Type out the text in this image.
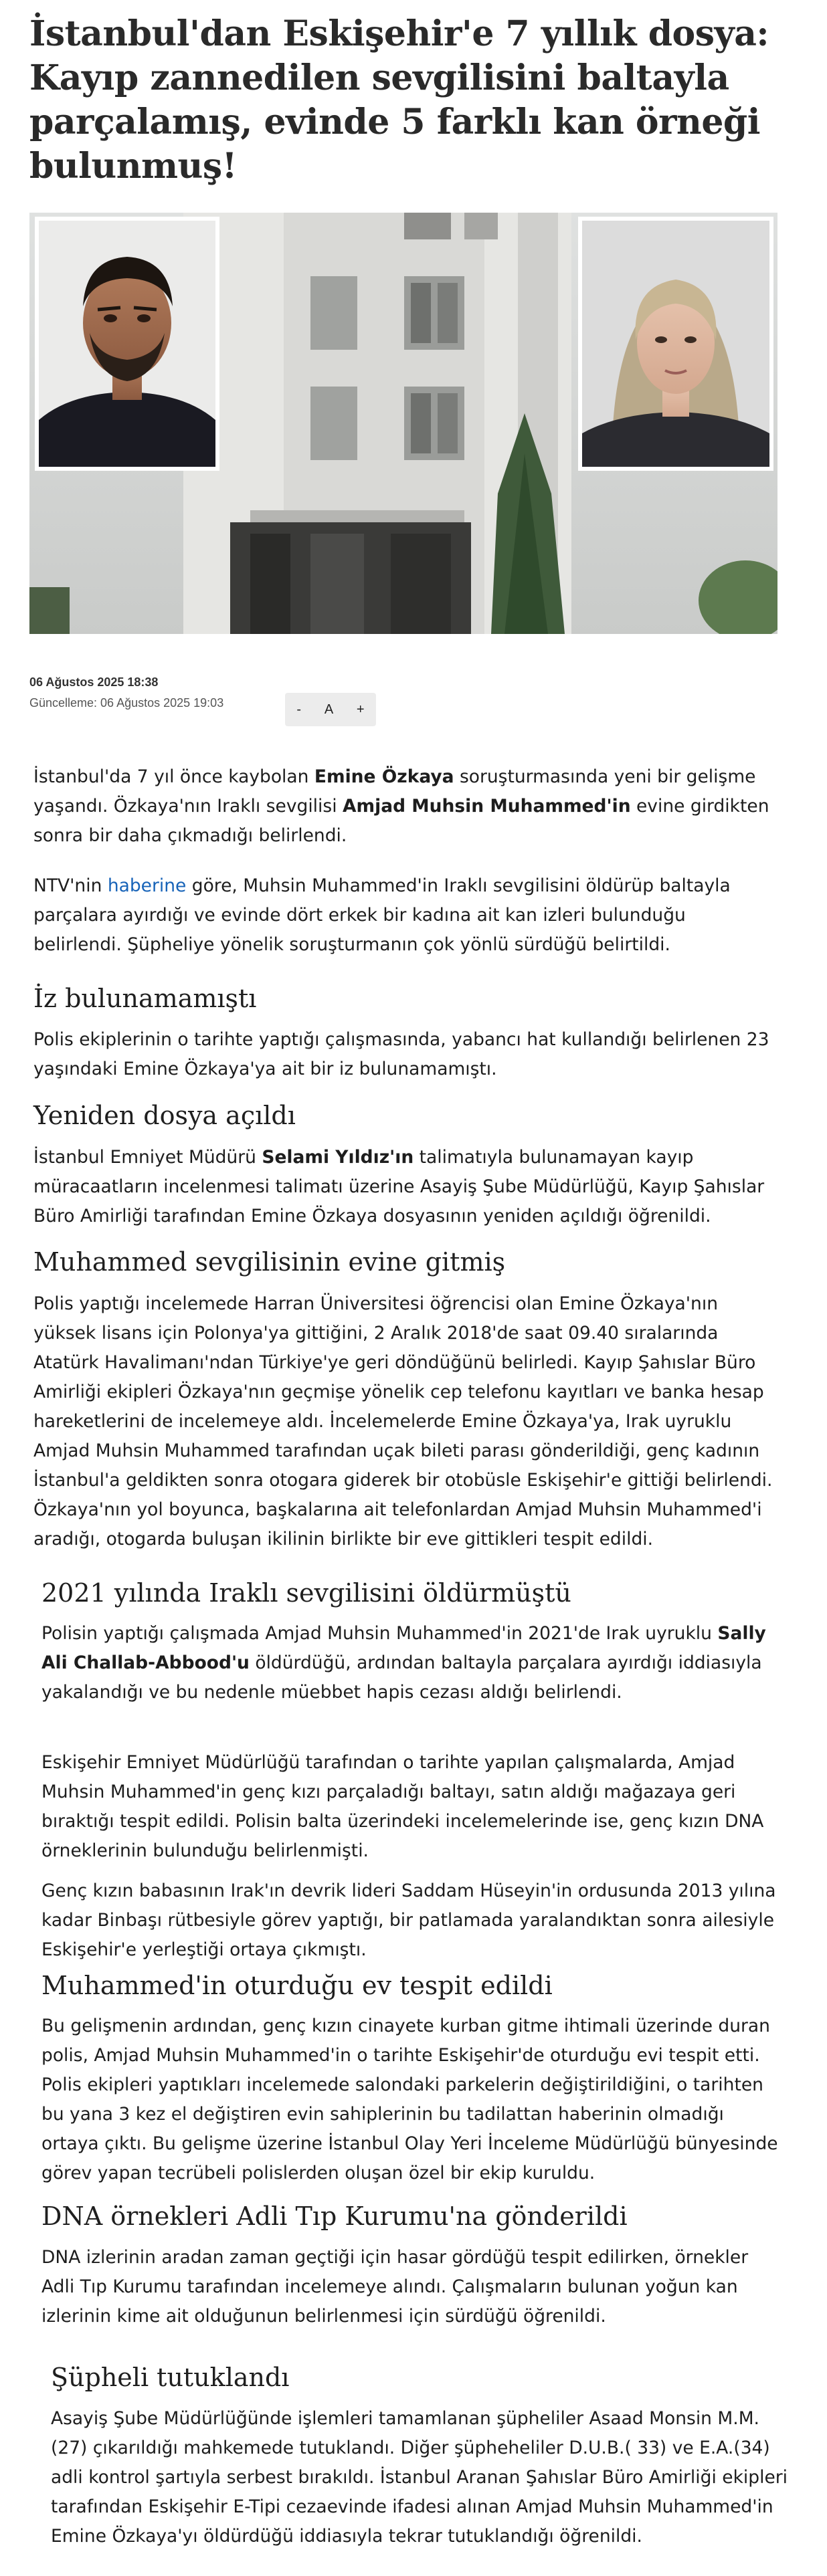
İstanbul'dan Eskişehir'e 7 yıllık dosya: Kayıp zannedilen sevgilisini baltayla parçalamış, evinde 5 farklı kan örneği bulunmuş!
06 Ağustos 2025 18:38
Güncelleme: 06 Ağustos 2025 19:03	-	A	+

İstanbul'da 7 yıl önce kaybolan Emine Özkaya soruşturmasında yeni bir gelişme yaşandı. Özkaya'nın Iraklı sevgilisi Amjad Muhsin Muhammed'in evine girdikten sonra bir daha çıkmadığı belirlendi.

NTV'nin haberine göre, Muhsin Muhammed'in Iraklı sevgilisini öldürüp baltayla parçalara ayırdığı ve evinde dört erkek bir kadına ait kan izleri bulunduğu belirlendi. Şüpheliye yönelik soruşturmanın çok yönlü sürdüğü belirtildi.

İz bulunamamıştı

Polis ekiplerinin o tarihte yaptığı çalışmasında, yabancı hat kullandığı belirlenen 23 yaşındaki Emine Özkaya'ya ait bir iz bulunamamıştı.

Yeniden dosya açıldı

İstanbul Emniyet Müdürü Selami Yıldız'ın talimatıyla bulunamayan kayıp müracaatların incelenmesi talimatı üzerine Asayiş Şube Müdürlüğü, Kayıp Şahıslar Büro Amirliği tarafından Emine Özkaya dosyasının yeniden açıldığı öğrenildi.

Muhammed sevgilisinin evine gitmiş

Polis yaptığı incelemede Harran Üniversitesi öğrencisi olan Emine Özkaya'nın yüksek lisans için Polonya'ya gittiğini, 2 Aralık 2018'de saat 09.40 sıralarında Atatürk Havalimanı'ndan Türkiye'ye geri döndüğünü belirledi. Kayıp Şahıslar Büro Amirliği ekipleri Özkaya'nın geçmişe yönelik cep telefonu kayıtları ve banka hesap hareketlerini de incelemeye aldı. İncelemelerde Emine Özkaya'ya, Irak uyruklu Amjad Muhsin Muhammed tarafından uçak bileti parası gönderildiği, genç kadının İstanbul'a geldikten sonra otogara giderek bir otobüsle Eskişehir'e gittiği belirlendi. Özkaya'nın yol boyunca, başkalarına ait telefonlardan Amjad Muhsin Muhammed'i aradığı, otogarda buluşan ikilinin birlikte bir eve gittikleri tespit edildi.

2021 yılında Iraklı sevgilisini öldürmüştü

Polisin yaptığı çalışmada Amjad Muhsin Muhammed'in 2021'de Irak uyruklu Sally Ali Challab-Abbood'u öldürdüğü, ardından baltayla parçalara ayırdığı iddiasıyla yakalandığı ve bu nedenle müebbet hapis cezası aldığı belirlendi.

Eskişehir Emniyet Müdürlüğü tarafından o tarihte yapılan çalışmalarda, Amjad Muhsin Muhammed'in genç kızı parçaladığı baltayı, satın aldığı mağazaya geri bıraktığı tespit edildi. Polisin balta üzerindeki incelemelerinde ise, genç kızın DNA örneklerinin bulunduğu belirlenmişti.

Genç kızın babasının Irak'ın devrik lideri Saddam Hüseyin'in ordusunda 2013 yılına kadar Binbaşı rütbesiyle görev yaptığı, bir patlamada yaralandıktan sonra ailesiyle Eskişehir'e yerleştiği ortaya çıkmıştı.

Muhammed'in oturduğu ev tespit edildi

Bu gelişmenin ardından, genç kızın cinayete kurban gitme ihtimali üzerinde duran polis, Amjad Muhsin Muhammed'in o tarihte Eskişehir'de oturduğu evi tespit etti. Polis ekipleri yaptıkları incelemede salondaki parkelerin değiştirildiğini, o tarihten bu yana 3 kez el değiştiren evin sahiplerinin bu tadilattan haberinin olmadığı ortaya çıktı. Bu gelişme üzerine İstanbul Olay Yeri İnceleme Müdürlüğü bünyesinde görev yapan tecrübeli polislerden oluşan özel bir ekip kuruldu.

DNA örnekleri Adli Tıp Kurumu'na gönderildi

DNA izlerinin aradan zaman geçtiği için hasar gördüğü tespit edilirken, örnekler Adli Tıp Kurumu tarafından incelemeye alındı. Çalışmaların bulunan yoğun kan izlerinin kime ait olduğunun belirlenmesi için sürdüğü öğrenildi.

Şüpheli tutuklandı

Asayiş Şube Müdürlüğünde işlemleri tamamlanan şüpheliler Asaad Monsin M.M.(27) çıkarıldığı mahkemede tutuklandı. Diğer şüpheheliler D.U.B.( 33) ve E.A.(34) adli kontrol şartıyla serbest bırakıldı. İstanbul Aranan Şahıslar Büro Amirliği ekipleri tarafından Eskişehir E-Tipi cezaevinde ifadesi alınan Amjad Muhsin Muhammed'in Emine Özkaya'yı öldürdüğü iddiasıyla tekrar tutuklandığı öğrenildi.
